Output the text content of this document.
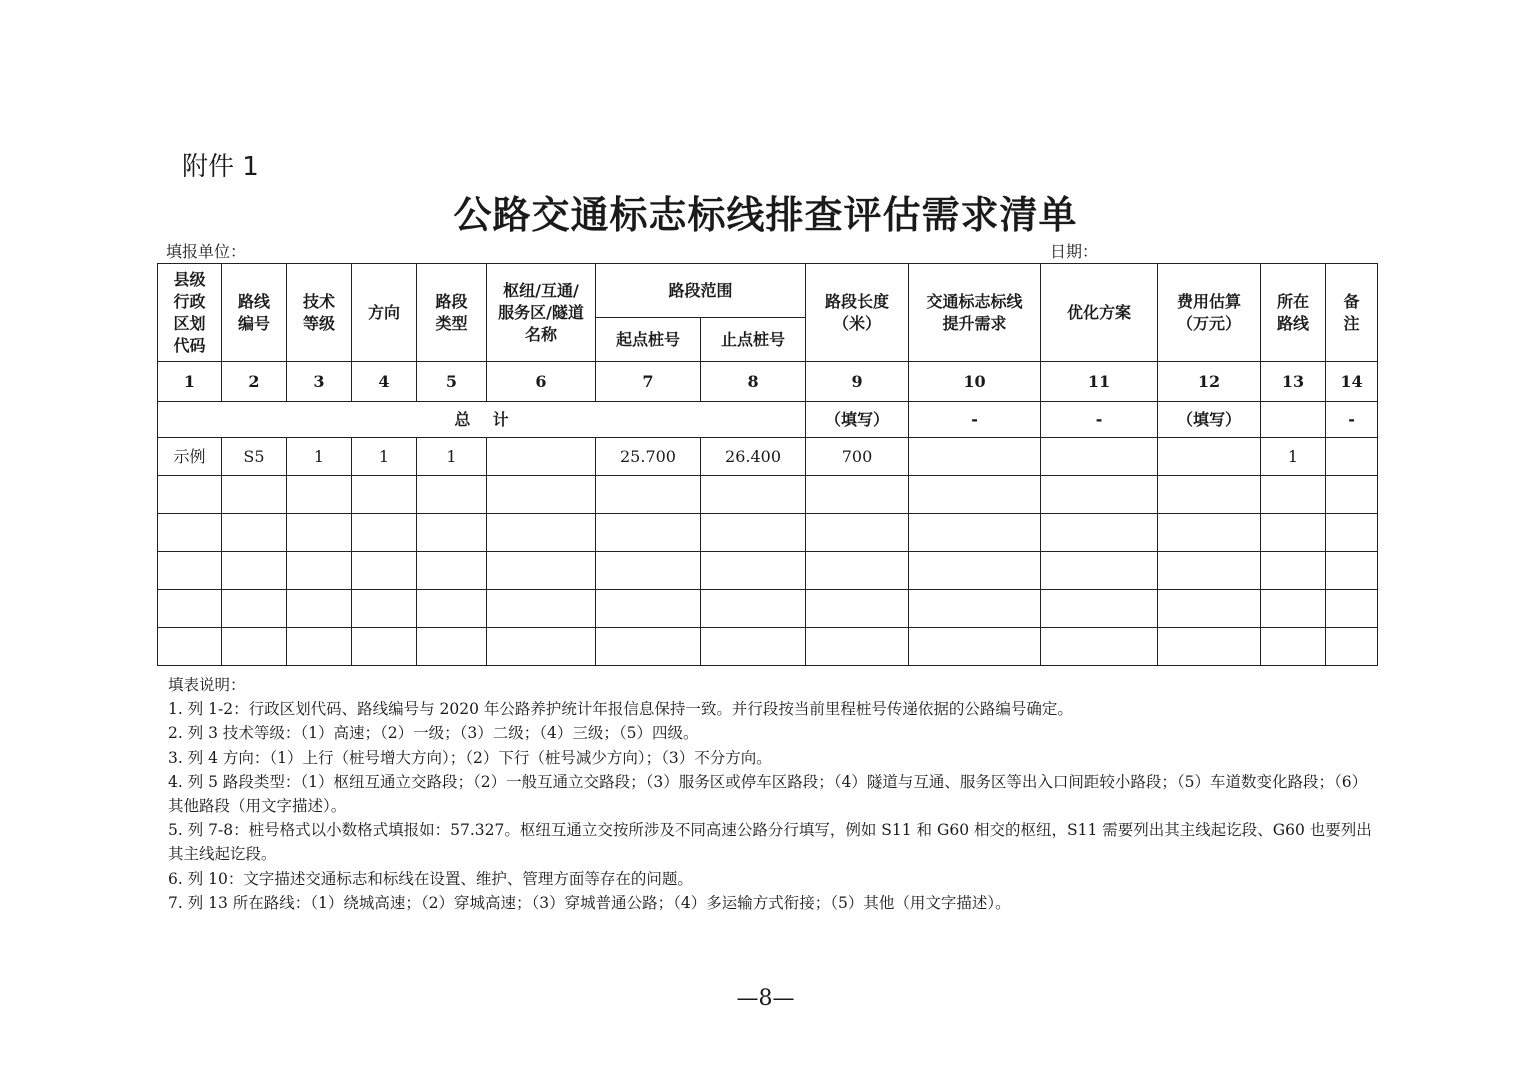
附件 1
公路交通标志标线排查评估需求清单
填报单位：	日期：
县级行政区划代码	路线编号	技术等级	方向	路段类型	枢纽/互通/服务区/隧道名称	路段范围		路段长度（米）	交通标志标线提升需求	优化方案	费用估算（万元）	所在路线	备注
						起点桩号	止点桩号						
1	2	3	4	5	6	7	8	9	10	11	12	13	14
总    计								（填写）	-	-	（填写）		-
示例	S5	1	1	1		25.700	26.400	700				1	

填表说明：

1. 列 1-2：行政区划代码、路线编号与 2020 年公路养护统计年报信息保持一致。并行段按当前里程桩号传递依据的公路编号确定。

2. 列 3 技术等级：（1）高速；（2）一级；（3）二级；（4）三级；（5）四级。

3. 列 4 方向：（1）上行（桩号增大方向）；（2）下行（桩号减少方向）；（3）不分方向。

4. 列 5 路段类型：（1）枢纽互通立交路段；（2）一般互通立交路段；（3）服务区或停车区路段；（4）隧道与互通、服务区等出入口间距较小路段；（5）车道数变化路段；（6）其他路段（用文字描述）。

5. 列 7-8：桩号格式以小数格式填报如：57.327。枢纽互通立交按所涉及不同高速公路分行填写，例如 S11 和 G60 相交的枢纽，S11 需要列出其主线起讫段、G60 也要列出其主线起讫段。

6. 列 10：文字描述交通标志和标线在设置、维护、管理方面等存在的问题。

7. 列 13 所在路线：（1）绕城高速；（2）穿城高速；（3）穿城普通公路；（4）多运输方式衔接；（5）其他（用文字描述）。

—8—
